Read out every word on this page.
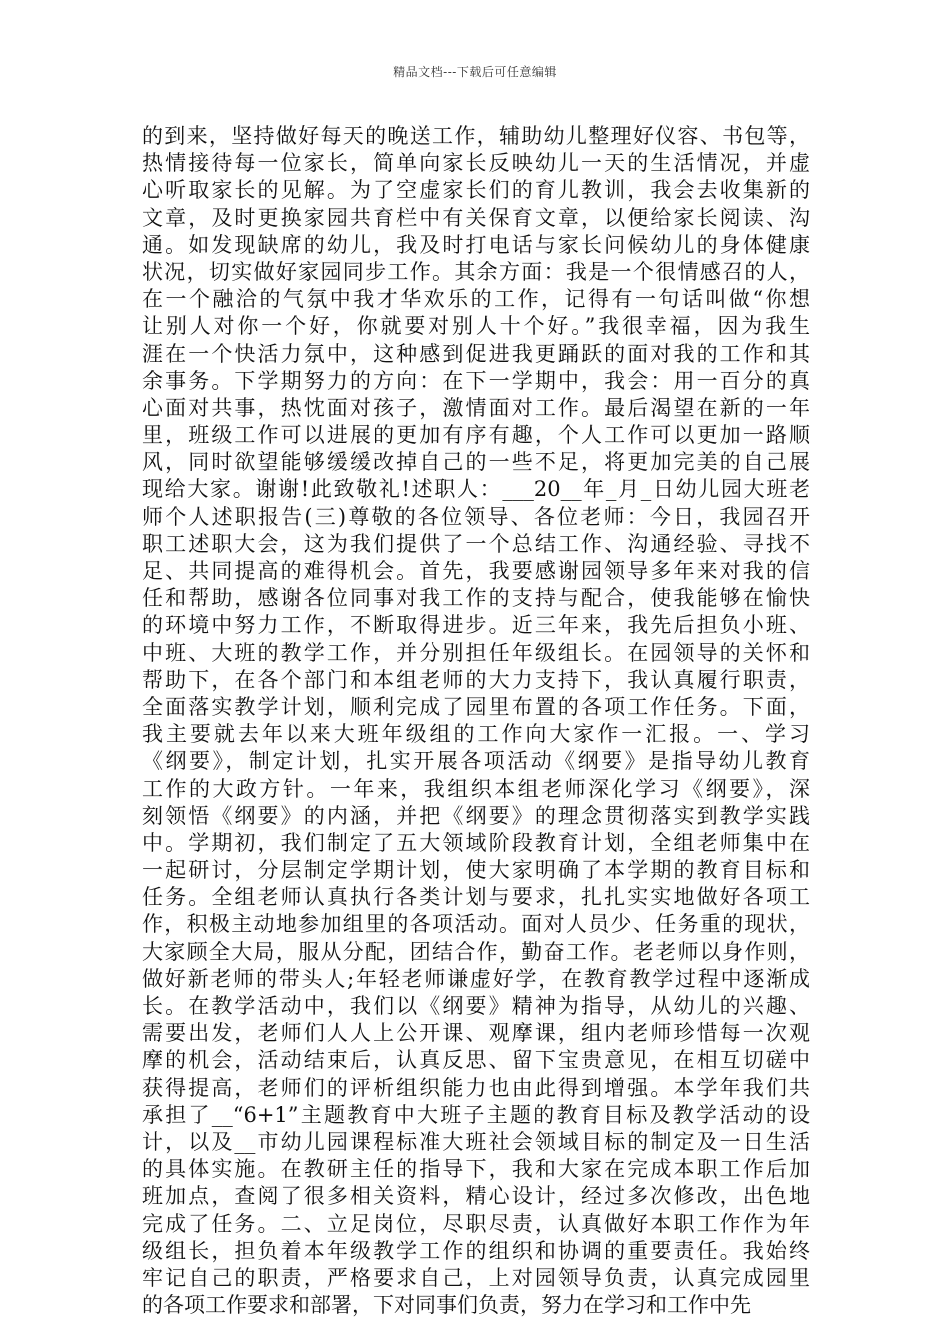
精品文档---下载后可任意编辑
的到来，坚持做好每天的晚送工作，辅助幼儿整理好仪容、书包等，
热情接待每一位家长，简单向家长反映幼儿一天的生活情况，并虚
心听取家长的见解。为了空虚家长们的育儿教训，我会去收集新的
文章，及时更换家园共育栏中有关保育文章，以便给家长阅读、沟
通。如发现缺席的幼儿，我及时打电话与家长问候幼儿的身体健康
状况，切实做好家园同步工作。其余方面：我是一个很情感召的人，
在一个融洽的气氛中我才华欢乐的工作，记得有一句话叫做“你想
让别人对你一个好，你就要对别人十个好。”我很幸福，因为我生
涯在一个快活力氛中，这种感到促进我更踊跃的面对我的工作和其
余事务。下学期努力的方向：在下一学期中，我会：用一百分的真
心面对共事，热忱面对孩子，激情面对工作。最后渴望在新的一年
里，班级工作可以进展的更加有序有趣，个人工作可以更加一路顺
风，同时欲望能够缓缓改掉自己的一些不足，将更加完美的自己展
现给大家。谢谢!此致敬礼!述职人：___20__年_月_日幼儿园大班老
师个人述职报告(三)尊敬的各位领导、各位老师：今日，我园召开
职工述职大会，这为我们提供了一个总结工作、沟通经验、寻找不
足、共同提高的难得机会。首先，我要感谢园领导多年来对我的信
任和帮助，感谢各位同事对我工作的支持与配合，使我能够在愉快
的环境中努力工作，不断取得进步。近三年来，我先后担负小班、
中班、大班的教学工作，并分别担任年级组长。在园领导的关怀和
帮助下，在各个部门和本组老师的大力支持下，我认真履行职责，
全面落实教学计划，顺利完成了园里布置的各项工作任务。下面，
我主要就去年以来大班年级组的工作向大家作一汇报。一、学习
《纲要》，制定计划，扎实开展各项活动《纲要》是指导幼儿教育
工作的大政方针。一年来，我组织本组老师深化学习《纲要》，深
刻领悟《纲要》的内涵，并把《纲要》的理念贯彻落实到教学实践
中。学期初，我们制定了五大领域阶段教育计划，全组老师集中在
一起研讨，分层制定学期计划，使大家明确了本学期的教育目标和
任务。全组老师认真执行各类计划与要求，扎扎实实地做好各项工
作，积极主动地参加组里的各项活动。面对人员少、任务重的现状，
大家顾全大局，服从分配，团结合作，勤奋工作。老老师以身作则，
做好新老师的带头人;年轻老师谦虚好学，在教育教学过程中逐渐成
长。在教学活动中，我们以《纲要》精神为指导，从幼儿的兴趣、
需要出发，老师们人人上公开课、观摩课，组内老师珍惜每一次观
摩的机会，活动结束后，认真反思、留下宝贵意见，在相互切磋中
获得提高，老师们的评析组织能力也由此得到增强。本学年我们共
承担了__“6+1”主题教育中大班子主题的教育目标及教学活动的设
计，以及__市幼儿园课程标准大班社会领域目标的制定及一日生活
的具体实施。在教研主任的指导下，我和大家在完成本职工作后加
班加点，查阅了很多相关资料，精心设计，经过多次修改，出色地
完成了任务。二、立足岗位，尽职尽责，认真做好本职工作作为年
级组长，担负着本年级教学工作的组织和协调的重要责任。我始终
牢记自己的职责，严格要求自己，上对园领导负责，认真完成园里
的各项工作要求和部署，下对同事们负责，努力在学习和工作中先
